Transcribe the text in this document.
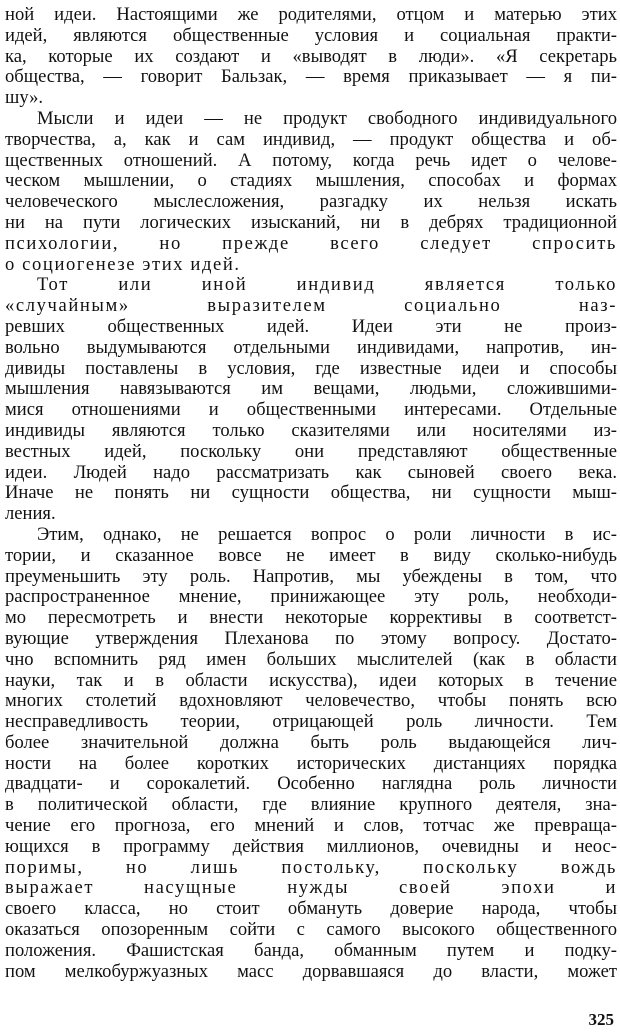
ной идеи. Настоящими же родителями, отцом и матерью этих
идей, являются общественные условия и социальная практи-
ка, которые их создают и «выводят в люди». «Я секретарь
общества, — говорит Бальзак, — время приказывает — я пи-
шу».
Мысли и идеи — не продукт свободного индивидуального
творчества, а, как и сам индивид, — продукт общества и об-
щественных отношений. А потому, когда речь идет о челове-
ческом мышлении, о стадиях мышления, способах и формах
человеческого мыслесложения, разгадку их нельзя искать
ни на пути логических изысканий, ни в дебрях традиционной
психологии, но прежде всего следует спросить
о социогенезе этих идей.
Тот или иной индивид является только
«случайным» выразителем социально наз-
ревших общественных идей. Идеи эти не произ-
вольно выдумываются отдельными индивидами, напротив, ин-
дивиды поставлены в условия, где известные идеи и способы
мышления навязываются им вещами, людьми, сложившими-
мися отношениями и общественными интересами. Отдельные
индивиды являются только сказителями или носителями из-
вестных идей, поскольку они представляют общественные
идеи. Людей надо рассматризать как сыновей своего века.
Иначе не понять ни сущности общества, ни сущности мыш-
ления.
Этим, однако, не решается вопрос о роли личности в ис-
тории, и сказанное вовсе не имеет в виду сколько-нибудь
преуменьшить эту роль. Напротив, мы убеждены в том, что
распространенное мнение, принижающее эту роль, необходи-
мо пересмотреть и внести некоторые коррективы в соответст-
вующие утверждения Плеханова по этому вопросу. Достато-
чно вспомнить ряд имен больших мыслителей (как в области
науки, так и в области искусства), идеи которых в течение
многих столетий вдохновляют человечество, чтобы понять всю
несправедливость теории, отрицающей роль личности. Тем
более значительной должна быть роль выдающейся лич-
ности на более коротких исторических дистанциях порядка
двадцати- и сорокалетий. Особенно наглядна роль личности
в политической области, где влияние крупного деятеля, зна-
чение его прогноза, его мнений и слов, тотчас же превраща-
ющихся в программу действия миллионов, очевидны и неос-
поримы, но лишь постольку, поскольку вождь
выражает насущные нужды своей эпохи и
своего класса, но стоит обмануть доверие народа, чтобы
оказаться опозоренным сойти с самого высокого общественного
положения. Фашистская банда, обманным путем и подку-
пом мелкобуржуазных масс дорвавшаяся до власти, может
325
